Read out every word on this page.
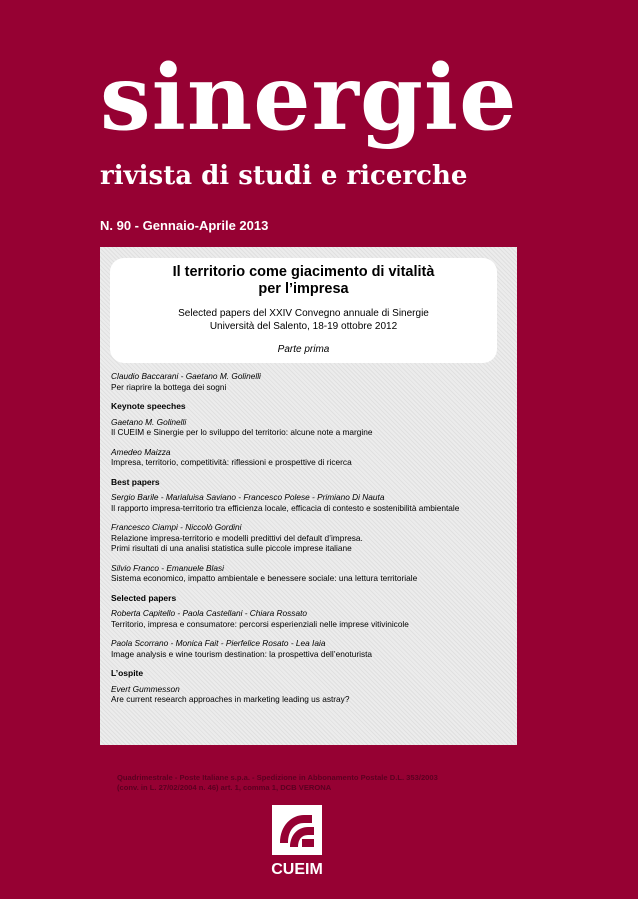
sinergie
rivista di studi e ricerche
N. 90 - Gennaio-Aprile 2013
Il territorio come giacimento di vitalità
per l’impresa
Selected papers del XXIV Convegno annuale di Sinergie
Università del Salento, 18-19 ottobre 2012
Parte prima
Claudio Baccarani - Gaetano M. Golinelli
Per riaprire la bottega dei sogni
Keynote speeches
Gaetano M. Golinelli
Il CUEIM e Sinergie per lo sviluppo del territorio: alcune note a margine
Amedeo Maizza
Impresa, territorio, competitività: riflessioni e prospettive di ricerca
Best papers
Sergio Barile - Marialuisa Saviano - Francesco Polese - Primiano Di Nauta
Il rapporto impresa-territorio tra efficienza locale, efficacia di contesto e sostenibilità ambientale
Francesco Ciampi - Niccolò Gordini
Relazione impresa-territorio e modelli predittivi del default d’impresa.
Primi risultati di una analisi statistica sulle piccole imprese italiane
Silvio Franco - Emanuele Blasi
Sistema economico, impatto ambientale e benessere sociale: una lettura territoriale
Selected papers
Roberta Capitello - Paola Castellani - Chiara Rossato
Territorio, impresa e consumatore: percorsi esperienziali nelle imprese vitivinicole
Paola Scorrano - Monica Fait - Pierfelice Rosato - Lea Iaia
Image analysis e wine tourism destination: la prospettiva dell’enoturista
L’ospite
Evert Gummesson
Are current research approaches in marketing leading us astray?
Quadrimestrale - Poste Italiane s.p.a. - Spedizione in Abbonamento Postale D.L. 353/2003
(conv. in L. 27/02/2004 n. 46) art. 1, comma 1, DCB VERONA
CUEIM
